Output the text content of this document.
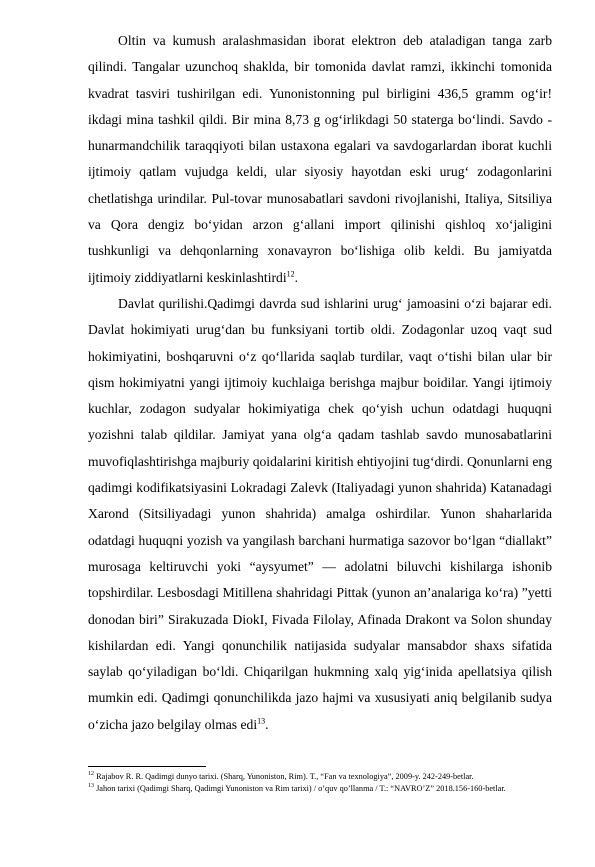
Oltin va kumush aralashmasidan iborat elektron deb ataladigan tanga zarb qilindi. Tangalar uzunchoq shaklda, bir tomonida davlat ramzi, ikkinchi tomonida kvadrat tasviri tushirilgan edi. Yunonistonning pul birligini 436,5 gramm og‘ir! ikdagi mina tashkil qildi. Bir mina 8,73 g og‘irlikdagi 50 staterga bo‘lindi. Savdo - hunarmandchilik taraqqiyoti bilan ustaxona egalari va savdogarlardan iborat kuchli ijtimoiy qatlam vujudga keldi, ular siyosiy hayotdan eski urug‘ zodagonlarini chetlatishga urindilar. Pul-tovar munosabatlari savdoni rivojlanishi, Italiya, Sitsiliya va Qora dengiz bo‘yidan arzon g‘allani import qilinishi qishloq xo‘jaligini tushkunligi va dehqonlarning xonavayron bo‘lishiga olib keldi. Bu jamiyatda ijtimoiy ziddiyatlarni keskinlashtirdi$^{12}$.

Davlat qurilishi.Qadimgi davrda sud ishlarini urug‘ jamoasini o‘zi bajarar edi. Davlat hokimiyati urug‘dan bu funksiyani tortib oldi. Zodagonlar uzoq vaqt sud hokimiyatini, boshqaruvni o‘z qo‘llarida saqlab turdilar, vaqt o‘tishi bilan ular bir qism hokimiyatni yangi ijtimoiy kuchlaiga berishga majbur boidilar. Yangi ijtimoiy kuchlar, zodagon sudyalar hokimiyatiga chek qo‘yish uchun odatdagi huquqni yozishni talab qildilar. Jamiyat yana olg‘a qadam tashlab savdo munosabatlarini muvofiqlashtirishga majburiy qoidalarini kiritish ehtiyojini tug‘dirdi. Qonunlarni eng qadimgi kodifikatsiyasini Lokradagi Zalevk (Italiyadagi yunon shahrida) Katanadagi Xarond (Sitsiliyadagi yunon shahrida) amalga oshirdilar. Yunon shaharlarida odatdagi huquqni yozish va yangilash barchani hurmatiga sazovor bo‘lgan “diallakt” murosaga keltiruvchi yoki “aysyumet” — adolatni biluvchi kishilarga ishonib topshirdilar. Lesbosdagi Mitillena shahridagi Pittak (yunon an’analariga ko‘ra) ”yetti donodan biri” Sirakuzada DiokI, Fivada Filolay, Afinada Drakont va Solon shunday kishilardan edi. Yangi qonunchilik natijasida sudyalar mansabdor shaxs sifatida saylab qo‘yiladigan bo‘ldi. Chiqarilgan hukmning xalq yig‘inida apellatsiya qilish mumkin edi. Qadimgi qonunchilikda jazo hajmi va xususiyati aniq belgilanib sudya o‘zicha jazo belgilay olmas edi$^{13}$.

$^{12}$ Rajabov R. R. Qadimgi dunyo tarixi. (Sharq, Yunoniston, Rim). T., “Fan va texnologiya”, 2009-y. 242-249-betlar.

$^{13}$ Jahon tarixi (Qadimgi Sharq, Qadimgi Yunoniston va Rim tarixi) / o’quv qo’llanma / T.: “NAVRO’Z” 2018.156-160-betlar.
